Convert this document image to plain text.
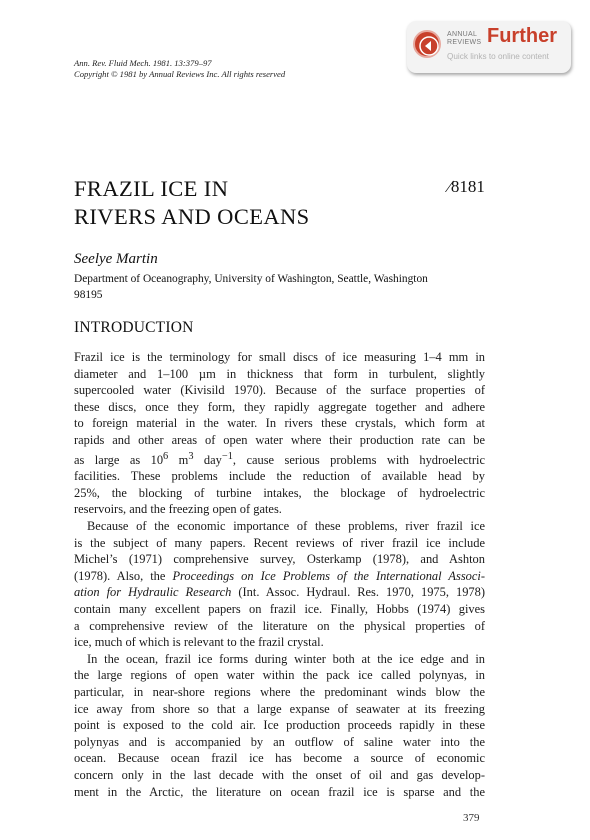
Ann. Rev. Fluid Mech. 1981. 13:379–97
Copyright © 1981 by Annual Reviews Inc. All rights reserved
ANNUAL
REVIEWS Further
Quick links to online content
FRAZIL ICE IN
RIVERS AND OCEANS
∕8181
Seelye Martin
Department of Oceanography, University of Washington, Seattle, Washington
98195
INTRODUCTION
Frazil ice is the terminology for small discs of ice measuring 1–4 mm in
diameter and 1–100 µm in thickness that form in turbulent, slightly
supercooled water (Kivisild 1970). Because of the surface properties of
these discs, once they form, they rapidly aggregate together and adhere
to foreign material in the water. In rivers these crystals, which form at
rapids and other areas of open water where their production rate can be
as large as $10^6$ $m^3$ day$^{-1}$, cause serious problems with hydroelectric
facilities. These problems include the reduction of available head by
25%, the blocking of turbine intakes, the blockage of hydroelectric
reservoirs, and the freezing open of gates.
Because of the economic importance of these problems, river frazil ice
is the subject of many papers. Recent reviews of river frazil ice include
Michel’s (1971) comprehensive survey, Osterkamp (1978), and Ashton
(1978). Also, the Proceedings on Ice Problems of the International Associ-
ation for Hydraulic Research (Int. Assoc. Hydraul. Res. 1970, 1975, 1978)
contain many excellent papers on frazil ice. Finally, Hobbs (1974) gives
a comprehensive review of the literature on the physical properties of
ice, much of which is relevant to the frazil crystal.
In the ocean, frazil ice forms during winter both at the ice edge and in
the large regions of open water within the pack ice called polynyas, in
particular, in near-shore regions where the predominant winds blow the
ice away from shore so that a large expanse of seawater at its freezing
point is exposed to the cold air. Ice production proceeds rapidly in these
polynyas and is accompanied by an outflow of saline water into the
ocean. Because ocean frazil ice has become a source of economic
concern only in the last decade with the onset of oil and gas develop-
ment in the Arctic, the literature on ocean frazil ice is sparse and the
379
